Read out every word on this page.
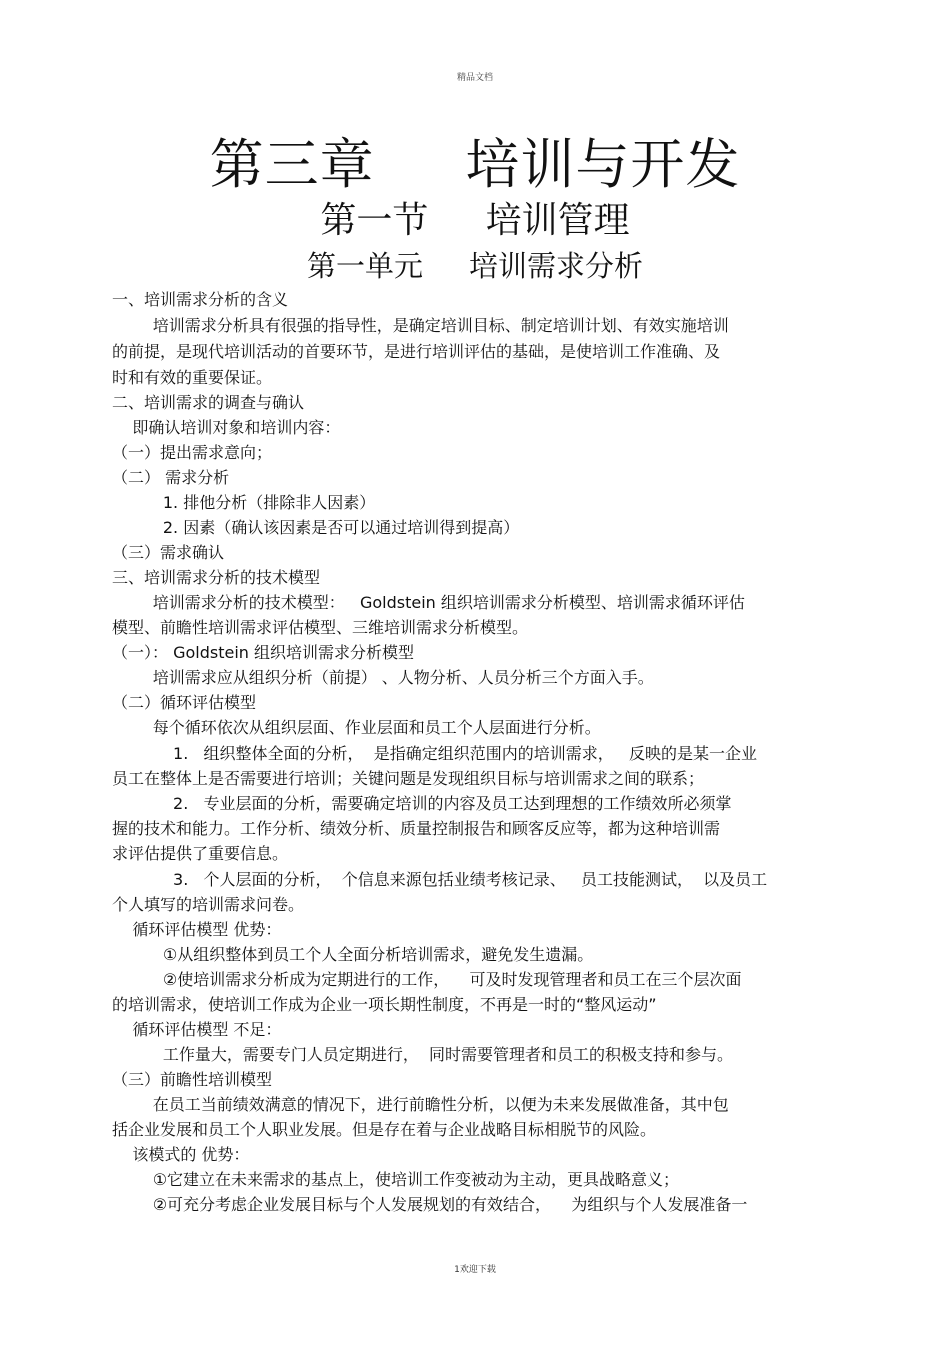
精品文档
第三章     培训与开发
第一节     培训管理
第一单元     培训需求分析
一、培训需求分析的含义
培训需求分析具有很强的指导性，是确定培训目标、制定培训计划、有效实施培训
的前提，是现代培训活动的首要环节，是进行培训评估的基础，是使培训工作准确、及
时和有效的重要保证。
二、培训需求的调查与确认
即确认培训对象和培训内容：
（一）提出需求意向；
（二） 需求分析
1. 排他分析（排除非人因素）
2. 因素（确认该因素是否可以通过培训得到提高）
（三）需求确认
三、培训需求分析的技术模型
培训需求分析的技术模型：   Goldstein 组织培训需求分析模型、培训需求循环评估
模型、前瞻性培训需求评估模型、三维培训需求分析模型。
（一）： Goldstein 组织培训需求分析模型
培训需求应从组织分析（前提） 、人物分析、人员分析三个方面入手。
（二）循环评估模型
每个循环依次从组织层面、作业层面和员工个人层面进行分析。
1.   组织整体全面的分析，  是指确定组织范围内的培训需求，   反映的是某一企业
员工在整体上是否需要进行培训；关键问题是发现组织目标与培训需求之间的联系；
2.   专业层面的分析，需要确定培训的内容及员工达到理想的工作绩效所必须掌
握的技术和能力。工作分析、绩效分析、质量控制报告和顾客反应等，都为这种培训需
求评估提供了重要信息。
3.   个人层面的分析，  个信息来源包括业绩考核记录、   员工技能测试，  以及员工
个人填写的培训需求问卷。
循环评估模型 优势：
①从组织整体到员工个人全面分析培训需求，避免发生遗漏。
②使培训需求分析成为定期进行的工作，    可及时发现管理者和员工在三个层次面
的培训需求，使培训工作成为企业一项长期性制度，不再是一时的“整风运动”
循环评估模型 不足：
工作量大，需要专门人员定期进行，  同时需要管理者和员工的积极支持和参与。
（三）前瞻性培训模型
在员工当前绩效满意的情况下，进行前瞻性分析，以便为未来发展做准备，其中包
括企业发展和员工个人职业发展。但是存在着与企业战略目标相脱节的风险。
该模式的 优势：
①它建立在未来需求的基点上，使培训工作变被动为主动，更具战略意义；
②可充分考虑企业发展目标与个人发展规划的有效结合，    为组织与个人发展准备一
1欢迎下载
